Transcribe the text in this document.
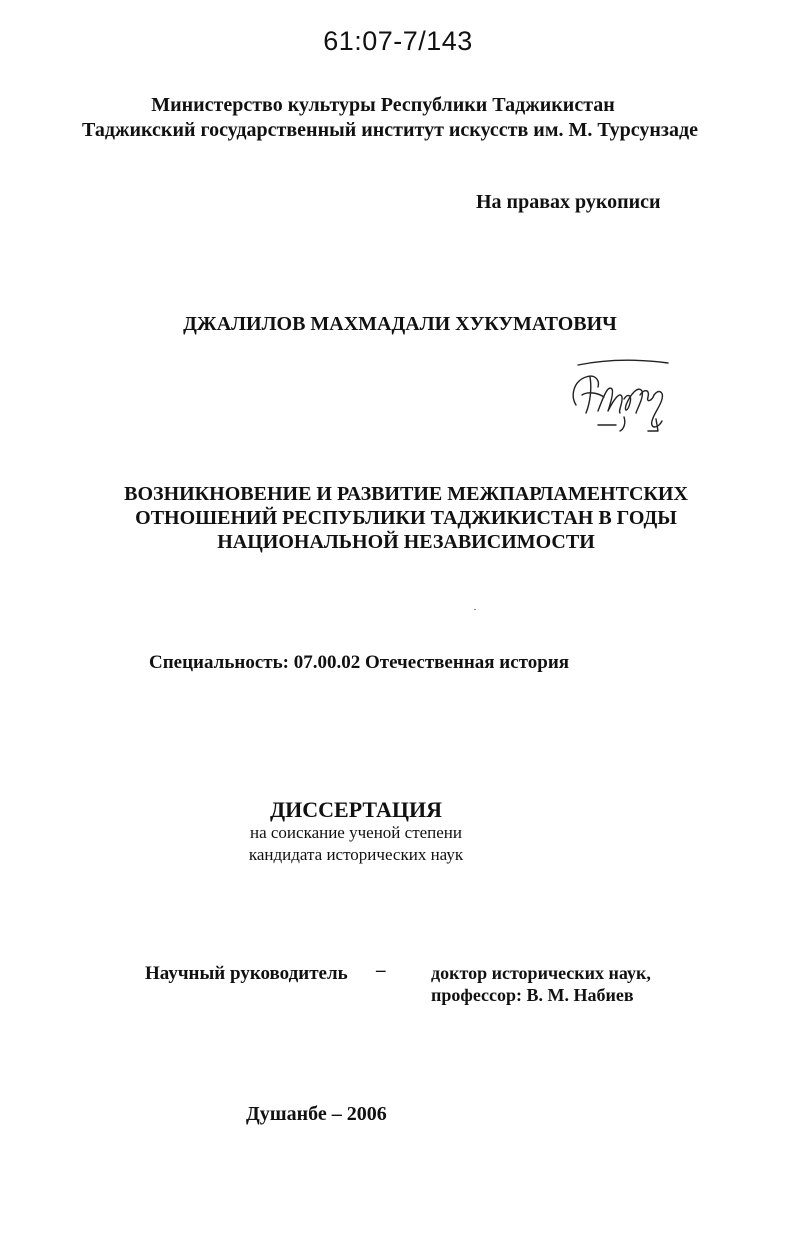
61:07-7/143
Министерство культуры Республики Таджикистан
Таджикский государственный институт искусств им. М. Турсунзаде
На правах рукописи
ДЖАЛИЛОВ МАХМАДАЛИ ХУКУМАТОВИЧ
ВОЗНИКНОВЕНИЕ И РАЗВИТИЕ МЕЖПАРЛАМЕНТСКИХ
ОТНОШЕНИЙ РЕСПУБЛИКИ ТАДЖИКИСТАН В ГОДЫ
НАЦИОНАЛЬНОЙ НЕЗАВИСИМОСТИ
Специальность: 07.00.02 Отечественная история
ДИССЕРТАЦИЯ
на соискание ученой степени
кандидата исторических наук
Научный руководитель –	доктор исторических наук,
профессор: В. М. Набиев
Душанбе – 2006
